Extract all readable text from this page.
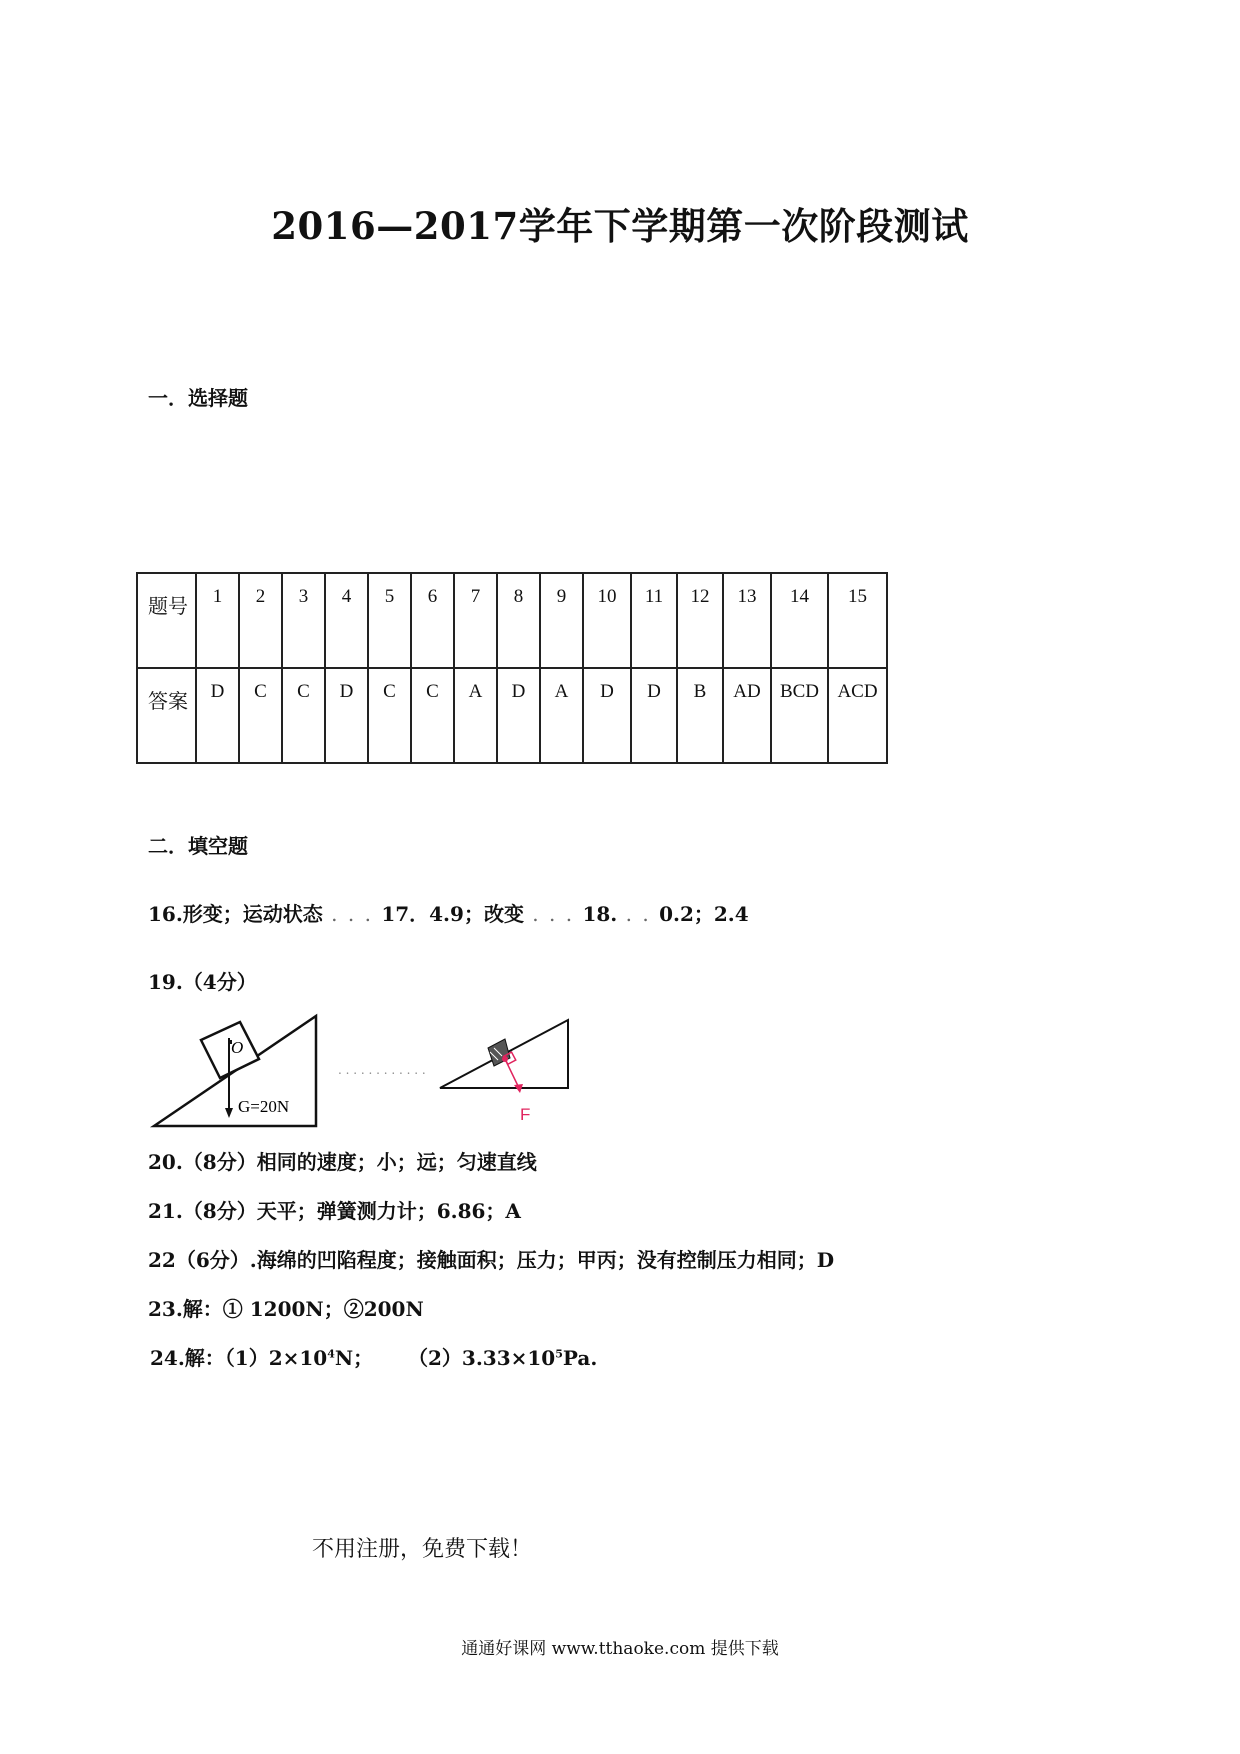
2016—2017学年下学期第一次阶段测试
一．选择题
题号	1	2	3	4	5	6	7	8	9	10	11	12	13	14	15
答案	D	C	C	D	C	C	A	D	A	D	D	B	AD	BCD	ACD
二．填空题
16.形变；运动状态 . . . 17．4.9；改变 . . . 18. . . 0.2；2.4
19.（4分）
O
G=20N
. . . . . . . . . . . .
F
20.（8分）相同的速度；小；远；匀速直线
21.（8分）天平；弹簧测力计；6.86；A
22（6分）.海绵的凹陷程度；接触面积；压力；甲丙；没有控制压力相同；D
23.解：① 1200N；②200N
24.解：$(1)2\times 10^4N$； $(2)3.33\times 10^5Pa$.
不用注册，免费下载！
通通好课网 www.tthaoke.com 提供下载
